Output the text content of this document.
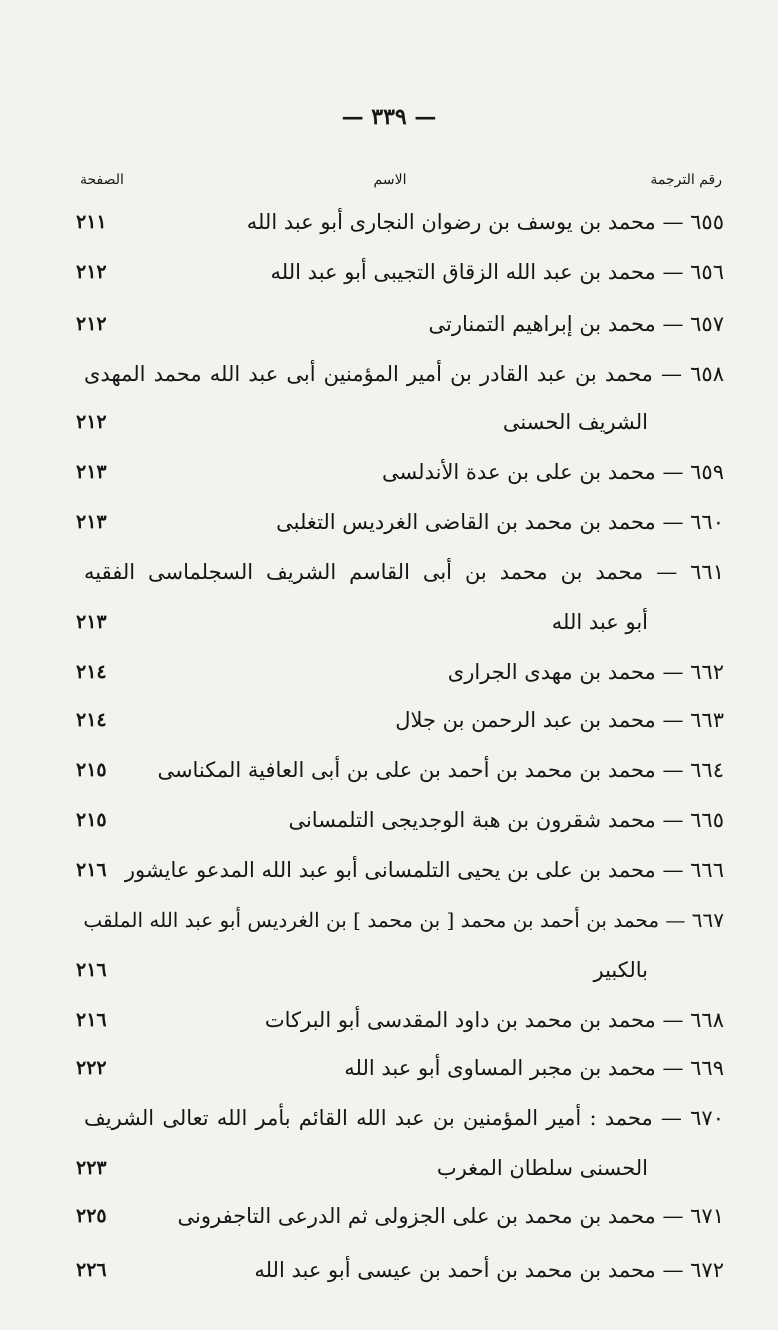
— ٣٣٩ —
رقم الترجمة
الاسم
الصفحة
٦٥٥ — محمد بن يوسف بن رضوان النجارى أبو عبد الله
٢١١
٦٥٦ — محمد بن عبد الله الزقاق التجيبى أبو عبد الله
٢١٢
٦٥٧ — محمد بن إبراهيم التمنارتى
٢١٢
٦٥٨ — محمد بن عبد القادر بن أمير المؤمنين أبى عبد الله محمد المهدى
الشريف الحسنى
٢١٢
٦٥٩ — محمد بن على بن عدة الأندلسى
٢١٣
٦٦٠ — محمد بن محمد بن القاضى الغرديس التغلبى
٢١٣
٦٦١ — محمد بن محمد بن أبى القاسم الشريف السجلماسى الفقيه
أبو عبد الله
٢١٣
٦٦٢ — محمد بن مهدى الجرارى
٢١٤
٦٦٣ — محمد بن عبد الرحمن بن جلال
٢١٤
٦٦٤ — محمد بن محمد بن أحمد بن على بن أبى العافية المكناسى
٢١٥
٦٦٥ — محمد شقرون بن هبة الوجديجى التلمسانى
٢١٥
٦٦٦ — محمد بن على بن يحيى التلمسانى أبو عبد الله المدعو عايشور
٢١٦
٦٦٧ — محمد بن أحمد بن محمد [ بن محمد ] بن الغرديس أبو عبد الله الملقب
بالكبير
٢١٦
٦٦٨ — محمد بن محمد بن داود المقدسى أبو البركات
٢١٦
٦٦٩ — محمد بن مجبر المساوى أبو عبد الله
٢٢٢
٦٧٠ — محمد : أمير المؤمنين بن عبد الله القائم بأمر الله تعالى الشريف
الحسنى سلطان المغرب
٢٢٣
٦٧١ — محمد بن محمد بن على الجزولى ثم الدرعى التاجفرونى
٢٢٥
٦٧٢ — محمد بن محمد بن أحمد بن عيسى أبو عبد الله
٢٢٦
